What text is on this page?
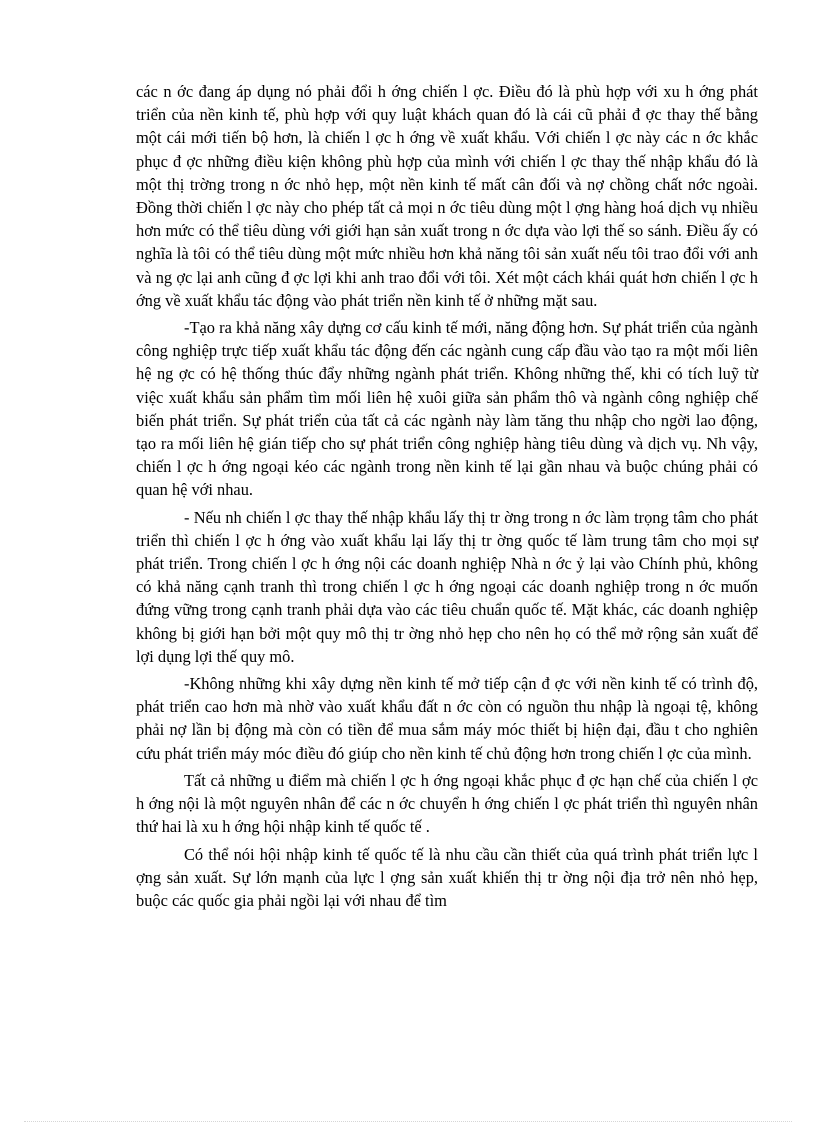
các n ớc đang áp dụng nó phải đổi h ớng chiến l ợc. Điều đó là phù hợp với xu h ớng phát triển của nền kinh tế, phù hợp với quy luật khách quan đó là cái cũ phải đ ợc thay thế bằng một cái mới tiến bộ hơn, là chiến l ợc h ớng về xuất khẩu. Với chiến l ợc này các n ớc khắc phục đ ợc những điều kiện không phù hợp của mình với chiến l ợc thay thế nhập khẩu đó là một thị trờng trong n ớc nhỏ hẹp, một nền kinh tế mất cân đối và nợ chồng chất nớc ngoài. Đồng thời chiến l ợc này cho phép tất cả mọi n ớc tiêu dùng một l ợng hàng hoá dịch vụ nhiều hơn mức có thể tiêu dùng với giới hạn sản xuất trong n ớc dựa vào lợi thế so sánh. Điều ấy có nghĩa là tôi có thể tiêu dùng một mức nhiều hơn khả năng tôi sản xuất nếu tôi trao đổi với anh và ng ợc lại anh cũng đ ợc lợi khi anh trao đổi với tôi. Xét một cách khái quát hơn chiến l ợc h ớng về xuất khẩu tác động vào phát triển nền kinh tế ở những mặt sau.

-Tạo ra khả năng xây dựng cơ cấu kinh tế mới, năng động hơn. Sự phát triển của ngành công nghiệp trực tiếp xuất khẩu tác động đến các ngành cung cấp đầu vào tạo ra một mối liên hệ ng ợc có hệ thống thúc đẩy những ngành phát triển. Không những thế, khi có tích luỹ từ việc xuất khẩu sản phẩm tìm mối liên hệ xuôi giữa sản phẩm thô và ngành công nghiệp chế biến phát triển. Sự phát triển của tất cả các ngành này làm tăng thu nhập cho ngời lao động, tạo ra mối liên hệ gián tiếp cho sự phát triển công nghiệp hàng tiêu dùng và dịch vụ. Nh vậy, chiến l ợc h ớng ngoại kéo các ngành trong nền kinh tế lại gần nhau và buộc chúng phải có quan hệ với nhau.

- Nếu nh chiến l ợc thay thế nhập khẩu lấy thị tr ờng trong n ớc làm trọng tâm cho phát triển thì chiến l ợc h ớng vào xuất khẩu lại lấy thị tr ờng quốc tế làm trung tâm cho mọi sự phát triển. Trong chiến l ợc h ớng nội các doanh nghiệp Nhà n ớc ỷ lại vào Chính phủ, không có khả năng cạnh tranh thì trong chiến l ợc h ớng ngoại các doanh nghiệp trong n ớc muốn đứng vững trong cạnh tranh phải dựa vào các tiêu chuẩn quốc tế. Mặt khác, các doanh nghiệp không bị giới hạn bởi một quy mô thị tr ờng nhỏ hẹp cho nên họ có thể mở rộng sản xuất để lợi dụng lợi thế quy mô.

-Không những khi xây dựng nền kinh tế mở tiếp cận đ ợc với nền kinh tế có trình độ, phát triển cao hơn mà nhờ vào xuất khẩu đất n ớc còn có nguồn thu nhập là ngoại tệ, không phải nợ lần bị động mà còn có tiền để mua sắm máy móc thiết bị hiện đại, đầu t cho nghiên cứu phát triển máy móc điều đó giúp cho nền kinh tế chủ động hơn trong chiến l ợc của mình.

Tất cả những u điểm mà chiến l ợc h ớng ngoại khắc phục đ ợc hạn chế của chiến l ợc h ớng nội là một nguyên nhân để các n ớc chuyển h ớng chiến l ợc phát triển thì nguyên nhân thứ hai là xu h ớng hội nhập kinh tế quốc tế .

Có thể nói hội nhập kinh tế quốc tế là nhu cầu cần thiết của quá trình phát triển lực l ợng sản xuất. Sự lớn mạnh của lực l ợng sản xuất khiến thị tr ờng nội địa trở nên nhỏ hẹp, buộc các quốc gia phải ngồi lại với nhau để tìm
